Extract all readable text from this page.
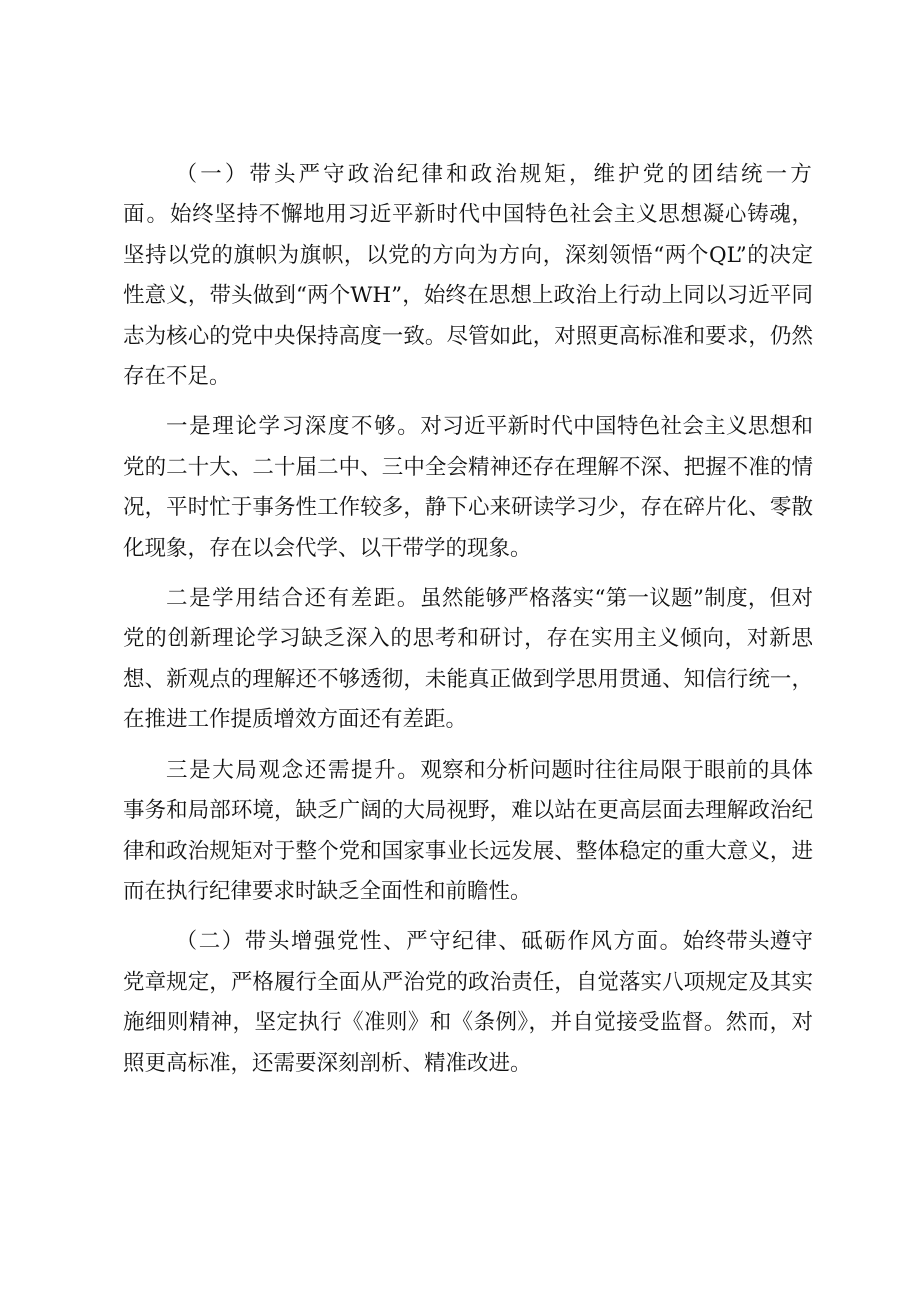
（一）带头严守政治纪律和政治规矩，维护党的团结统一方面。始终坚持不懈地用习近平新时代中国特色社会主义思想凝心铸魂，坚持以党的旗帜为旗帜，以党的方向为方向，深刻领悟“两个QL”的决定性意义，带头做到“两个WH”，始终在思想上政治上行动上同以习近平同志为核心的党中央保持高度一致。尽管如此，对照更高标准和要求，仍然存在不足。

一是理论学习深度不够。对习近平新时代中国特色社会主义思想和党的二十大、二十届二中、三中全会精神还存在理解不深、把握不准的情况，平时忙于事务性工作较多，静下心来研读学习少，存在碎片化、零散化现象，存在以会代学、以干带学的现象。

二是学用结合还有差距。虽然能够严格落实“第一议题”制度，但对党的创新理论学习缺乏深入的思考和研讨，存在实用主义倾向，对新思想、新观点的理解还不够透彻，未能真正做到学思用贯通、知信行统一，在推进工作提质增效方面还有差距。

三是大局观念还需提升。观察和分析问题时往往局限于眼前的具体事务和局部环境，缺乏广阔的大局视野，难以站在更高层面去理解政治纪律和政治规矩对于整个党和国家事业长远发展、整体稳定的重大意义，进而在执行纪律要求时缺乏全面性和前瞻性。

（二）带头增强党性、严守纪律、砥砺作风方面。始终带头遵守党章规定，严格履行全面从严治党的政治责任，自觉落实八项规定及其实施细则精神，坚定执行《准则》和《条例》，并自觉接受监督。然而，对照更高标准，还需要深刻剖析、精准改进。
